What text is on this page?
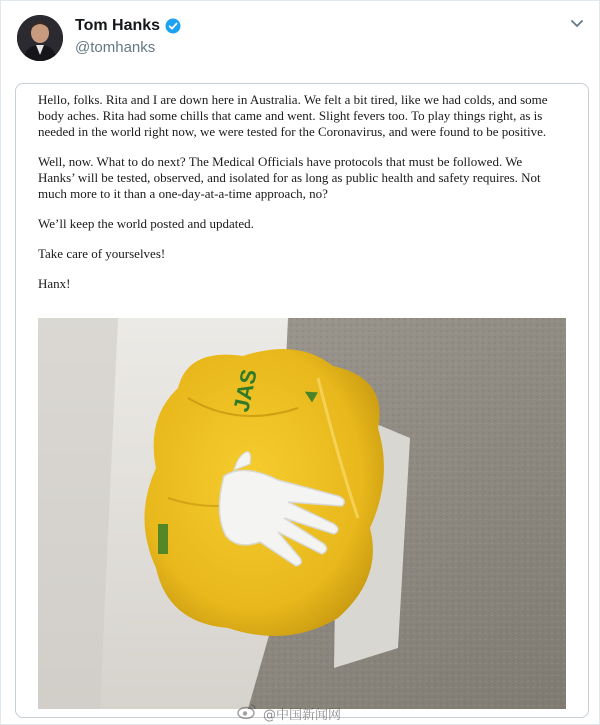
Tom Hanks
@tomhanks

Hello, folks. Rita and I are down here in Australia. We felt a bit tired, like we had colds, and some body aches. Rita had some chills that came and went. Slight fevers too. To play things right, as is needed in the world right now, we were tested for the Coronavirus, and were found to be positive.

Well, now. What to do next? The Medical Officials have protocols that must be followed. We Hanks’ will be tested, observed, and isolated for as long as public health and safety requires. Not much more to it than a one-day-at-a-time approach, no?

We’ll keep the world posted and updated.

Take care of yourselves!

Hanx!

JAS ▲
@中国新闻网
